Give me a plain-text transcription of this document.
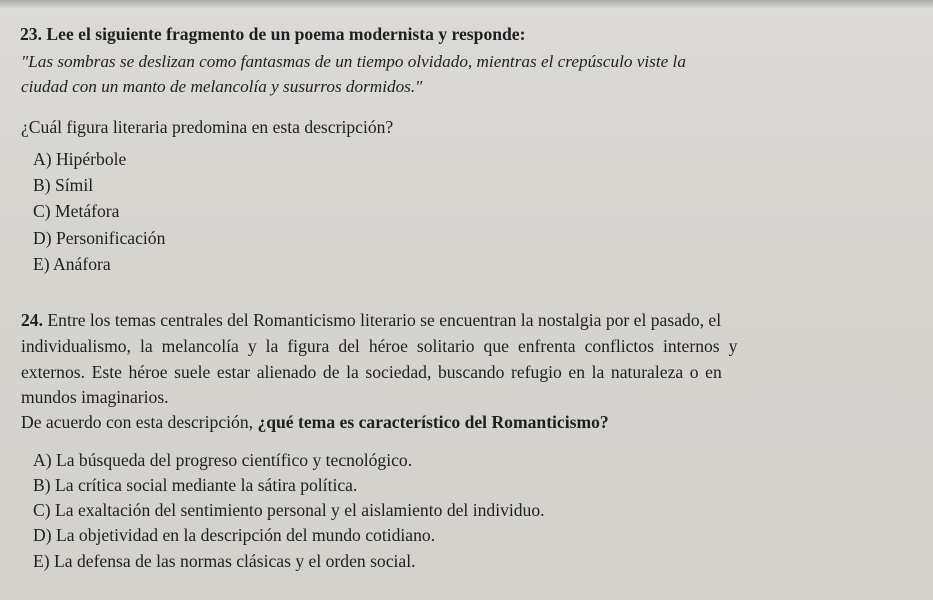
23. Lee el siguiente fragmento de un poema modernista y responde:
"Las sombras se deslizan como fantasmas de un tiempo olvidado, mientras el crepúsculo viste la
ciudad con un manto de melancolía y susurros dormidos."
¿Cuál figura literaria predomina en esta descripción?
A) Hipérbole
B) Símil
C) Metáfora
D) Personificación
E) Anáfora
24. Entre los temas centrales del Romanticismo literario se encuentran la nostalgia por el pasado, el
individualismo, la melancolía y la figura del héroe solitario que enfrenta conflictos internos y
externos. Este héroe suele estar alienado de la sociedad, buscando refugio en la naturaleza o en
mundos imaginarios.
De acuerdo con esta descripción, ¿qué tema es característico del Romanticismo?
A) La búsqueda del progreso científico y tecnológico.
B) La crítica social mediante la sátira política.
C) La exaltación del sentimiento personal y el aislamiento del individuo.
D) La objetividad en la descripción del mundo cotidiano.
E) La defensa de las normas clásicas y el orden social.
